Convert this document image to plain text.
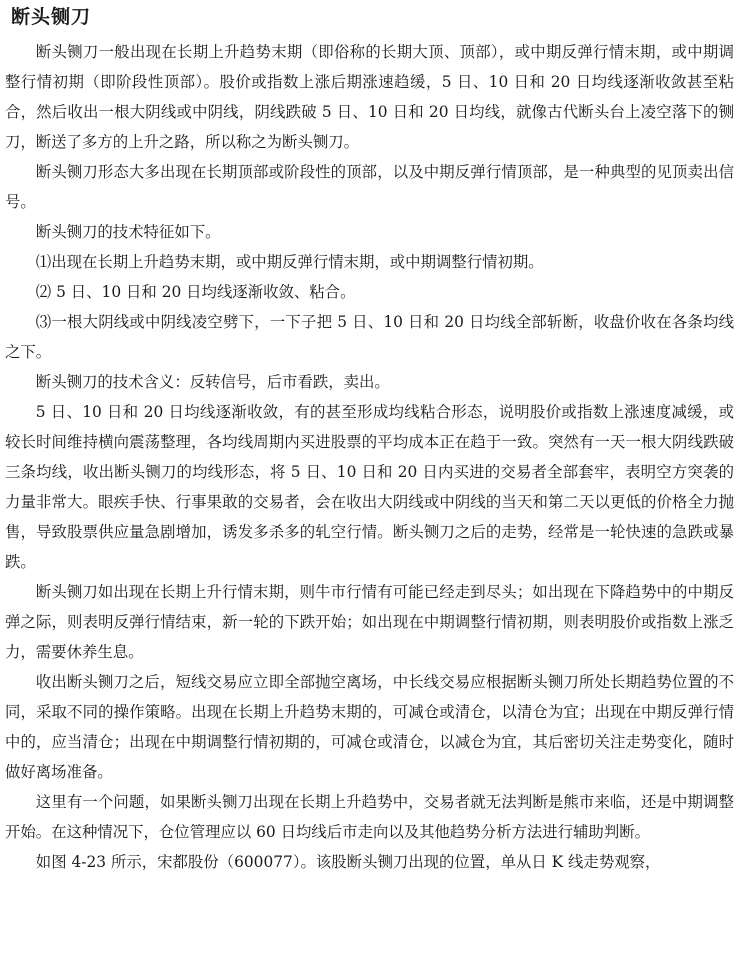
断头铡刀

断头铡刀一般出现在长期上升趋势末期（即俗称的长期大顶、顶部），或中期反弹行情末期，或中期调整行情初期（即阶段性顶部）。股价或指数上涨后期涨速趋缓，5 日、10 日和 20 日均线逐渐收敛甚至粘合，然后收出一根大阴线或中阴线，阴线跌破 5 日、10 日和 20 日均线，就像古代断头台上凌空落下的铡刀，断送了多方的上升之路，所以称之为断头铡刀。

断头铡刀形态大多出现在长期顶部或阶段性的顶部，以及中期反弹行情顶部，是一种典型的见顶卖出信号。

断头铡刀的技术特征如下。

⑴出现在长期上升趋势末期，或中期反弹行情末期，或中期调整行情初期。

⑵ 5 日、10 日和 20 日均线逐渐收敛、粘合。

⑶一根大阴线或中阴线凌空劈下，一下子把 5 日、10 日和 20 日均线全部斩断，收盘价收在各条均线之下。

断头铡刀的技术含义：反转信号，后市看跌，卖出。

5 日、10 日和 20 日均线逐渐收敛，有的甚至形成均线粘合形态，说明股价或指数上涨速度减缓，或较长时间维持横向震荡整理，各均线周期内买进股票的平均成本正在趋于一致。突然有一天一根大阴线跌破三条均线，收出断头铡刀的均线形态，将 5 日、10 日和 20 日内买进的交易者全部套牢，表明空方突袭的力量非常大。眼疾手快、行事果敢的交易者，会在收出大阴线或中阴线的当天和第二天以更低的价格全力抛售，导致股票供应量急剧增加，诱发多杀多的轧空行情。断头铡刀之后的走势，经常是一轮快速的急跌或暴跌。

断头铡刀如出现在长期上升行情末期，则牛市行情有可能已经走到尽头；如出现在下降趋势中的中期反弹之际，则表明反弹行情结束，新一轮的下跌开始；如出现在中期调整行情初期，则表明股价或指数上涨乏力，需要休养生息。

收出断头铡刀之后，短线交易应立即全部抛空离场，中长线交易应根据断头铡刀所处长期趋势位置的不同，采取不同的操作策略。出现在长期上升趋势末期的，可减仓或清仓，以清仓为宜；出现在中期反弹行情中的，应当清仓；出现在中期调整行情初期的，可减仓或清仓，以减仓为宜，其后密切关注走势变化，随时做好离场准备。

这里有一个问题，如果断头铡刀出现在长期上升趋势中，交易者就无法判断是熊市来临，还是中期调整开始。在这种情况下，仓位管理应以 60 日均线后市走向以及其他趋势分析方法进行辅助判断。

如图 4-23 所示，宋都股份（600077）。该股断头铡刀出现的位置，单从日 K 线走势观察，
